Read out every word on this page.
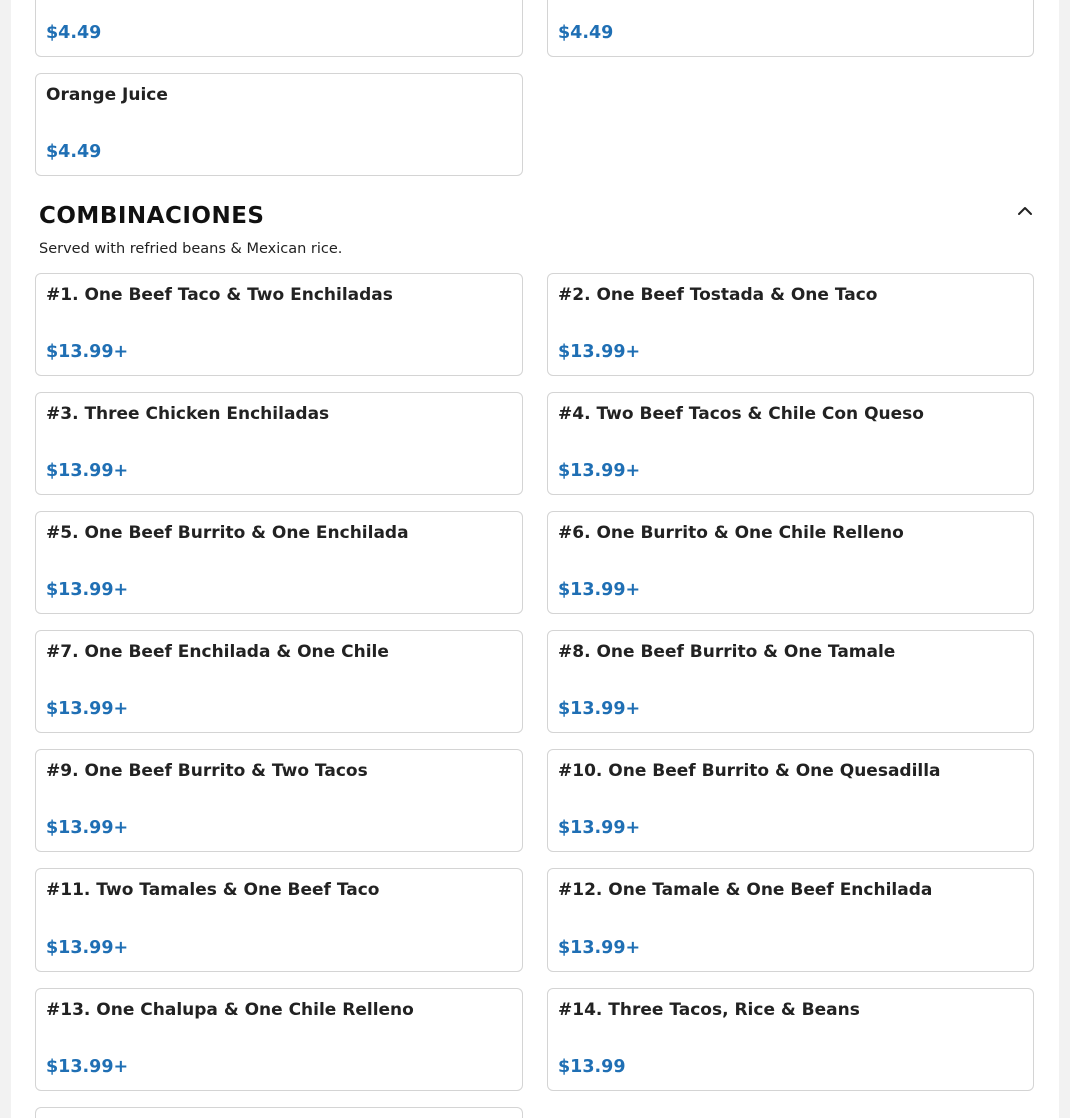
$4.49	$4.49
Orange Juice
$4.49
COMBINACIONES
Served with refried beans & Mexican rice.
#1. One Beef Taco & Two Enchiladas
$13.99+
#2. One Beef Tostada & One Taco
$13.99+
#3. Three Chicken Enchiladas
$13.99+
#4. Two Beef Tacos & Chile Con Queso
$13.99+
#5. One Beef Burrito & One Enchilada
$13.99+
#6. One Burrito & One Chile Relleno
$13.99+
#7. One Beef Enchilada & One Chile
$13.99+
#8. One Beef Burrito & One Tamale
$13.99+
#9. One Beef Burrito & Two Tacos
$13.99+
#10. One Beef Burrito & One Quesadilla
$13.99+
#11. Two Tamales & One Beef Taco
$13.99+
#12. One Tamale & One Beef Enchilada
$13.99+
#13. One Chalupa & One Chile Relleno
$13.99+
#14. Three Tacos, Rice & Beans
$13.99
